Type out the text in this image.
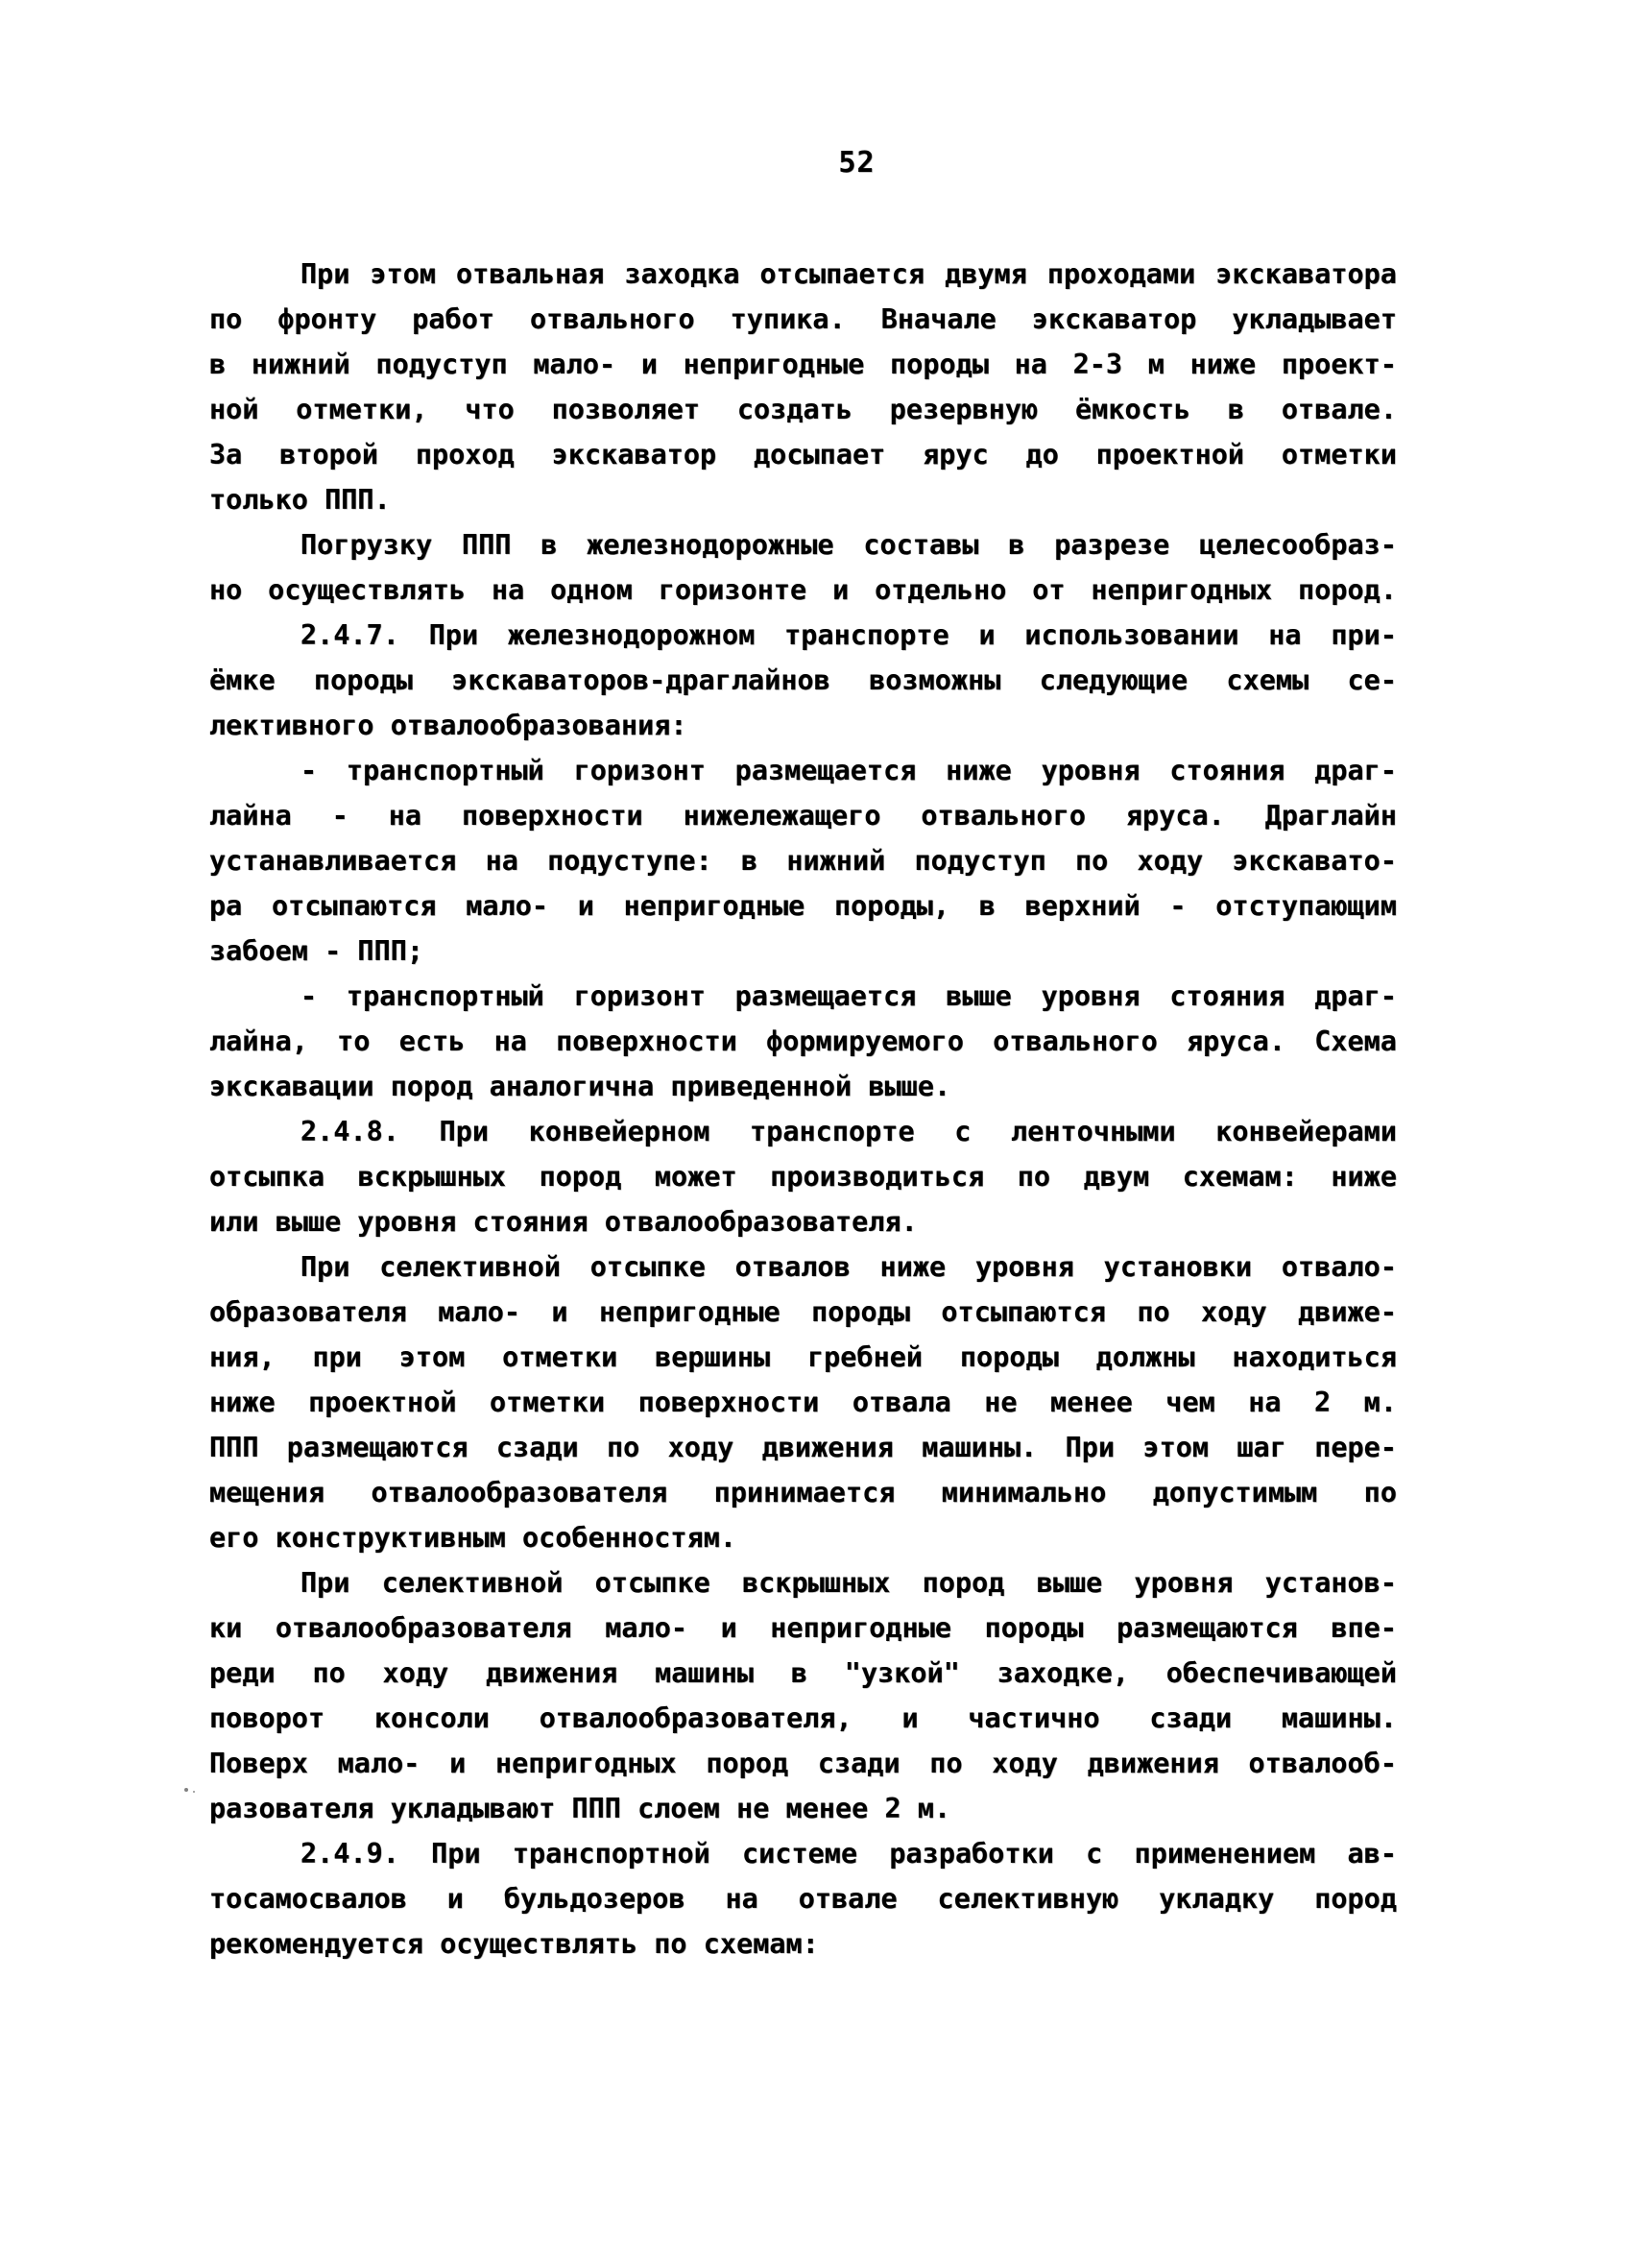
52
При этом отвальная заходка отсыпается двумя проходами экскаватора
по фронту работ отвального тупика. Вначале экскаватор укладывает
в нижний подуступ мало- и непригодные породы на 2-3 м ниже проект-
ной отметки, что позволяет создать резервную ёмкость в отвале.
За второй проход экскаватор досыпает ярус до проектной отметки
только ППП.
Погрузку ППП в железнодорожные составы в разрезе целесообраз-
но осуществлять на одном горизонте и отдельно от непригодных пород.
2.4.7. При железнодорожном транспорте и использовании на при-
ёмке породы экскаваторов-драглайнов возможны следующие схемы се-
лективного отвалообразования:
- транспортный горизонт размещается ниже уровня стояния драг-
лайна - на поверхности нижележащего отвального яруса. Драглайн
устанавливается на подуступе: в нижний подуступ по ходу экскавато-
ра отсыпаются мало- и непригодные породы, в верхний - отступающим
забоем - ППП;
- транспортный горизонт размещается выше уровня стояния драг-
лайна, то есть на поверхности формируемого отвального яруса. Схема
экскавации пород аналогична приведенной выше.
2.4.8. При конвейерном транспорте с ленточными конвейерами
отсыпка вскрышных пород может производиться по двум схемам: ниже
или выше уровня стояния отвалообразователя.
При селективной отсыпке отвалов ниже уровня установки отвало-
образователя мало- и непригодные породы отсыпаются по ходу движе-
ния, при этом отметки вершины гребней породы должны находиться
ниже проектной отметки поверхности отвала не менее чем на 2 м.
ППП размещаются сзади по ходу движения машины. При этом шаг пере-
мещения отвалообразователя принимается минимально допустимым по
его конструктивным особенностям.
При селективной отсыпке вскрышных пород выше уровня установ-
ки отвалообразователя мало- и непригодные породы размещаются впе-
реди по ходу движения машины в "узкой" заходке, обеспечивающей
поворот консоли отвалообразователя, и частично сзади машины.
Поверх мало- и непригодных пород сзади по ходу движения отвалооб-
разователя укладывают ППП слоем не менее 2 м.
2.4.9. При транспортной системе разработки с применением ав-
тосамосвалов и бульдозеров на отвале селективную укладку пород
рекомендуется осуществлять по схемам:
